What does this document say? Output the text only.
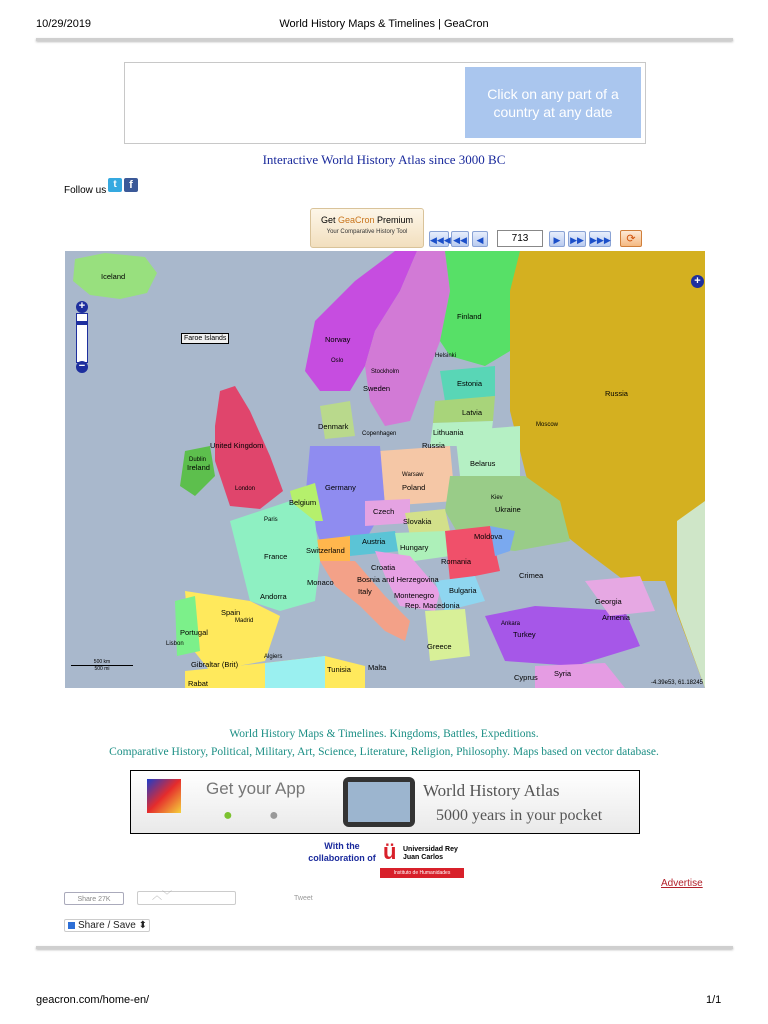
10/29/2019	World History Maps & Timelines | GeaCron
Click on any part of a country at any date
Interactive World History Atlas since 3000 BC
Follow us
t	f
Get GeaCron Premium
Your Comparative History Tool
◀◀◀ ◀◀	◀
713	▶	▶▶ ▶▶▶	⟳
+
−
+
Faroe Islands
Iceland
Norway
Sweden
Finland
Estonia
Latvia
Lithuania
Russia
Russia
Denmark
United Kingdom
Ireland	Belarus
Poland
Germany
Belgium
Czech
Slovakia
Ukraine
Moldova
Austria
Hungary
Romania
France
Switzerland
Croatia
Bosnia and Herzegovina
Italy
Monaco
Montenegro
Bulgaria
Rep. Macedonia
Andorra
Spain
Portugal
Crimea
Georgia
Armenia
Turkey
Greece
Gibraltar (Brit)
Tunisia Malta
Cyprus Syria
Rabat
Oslo
Stockholm
Helsinki
Copenhagen
Moscow
Dublin
London
Warsaw
Paris
Kiev
Madrid
Lisbon
Ankara
Algiers
500 km
500 mi
-4.39e53, 61.18245
World History Maps & Timelines. Kingdoms, Battles, Expeditions.
Comparative History, Political, Military, Art, Science, Literature, Religion, Philosophy. Maps based on vector database.
Get your App
● ●
World History Atlas
5000 years in your pocket
With the collaboration of ü Universidad Rey Juan Carlos
Instituto de Humanidades
Advertise
Share 27K	︿﹀	Tweet
Share / Save ⬍
geacron.com/home-en/	1/1
